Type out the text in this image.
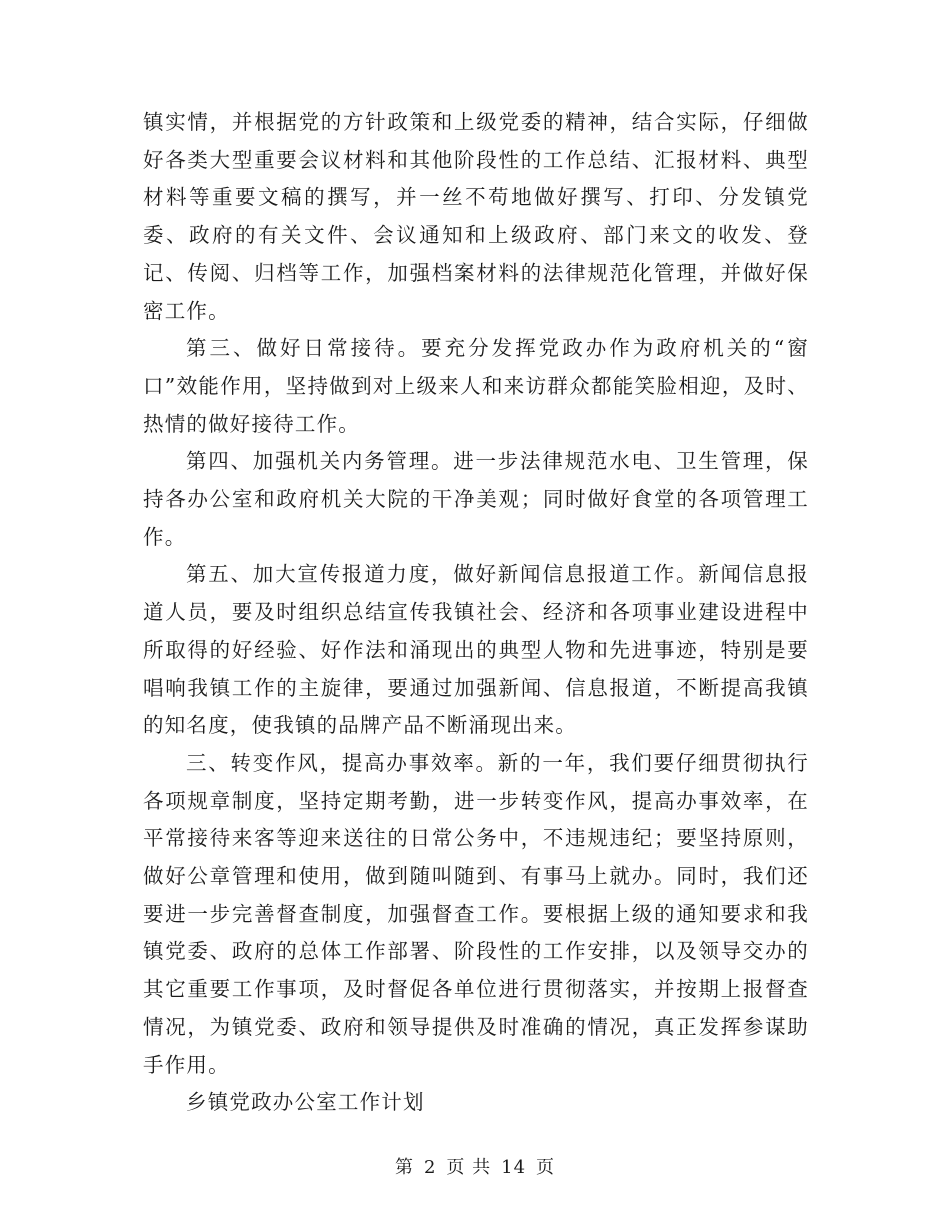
镇实情，并根据党的方针政策和上级党委的精神，结合实际，仔细做好各类大型重要会议材料和其他阶段性的工作总结、汇报材料、典型材料等重要文稿的撰写，并一丝不苟地做好撰写、打印、分发镇党委、政府的有关文件、会议通知和上级政府、部门来文的收发、登记、传阅、归档等工作，加强档案材料的法律规范化管理，并做好保密工作。

第三、做好日常接待。要充分发挥党政办作为政府机关的“窗口”效能作用，坚持做到对上级来人和来访群众都能笑脸相迎，及时、热情的做好接待工作。

第四、加强机关内务管理。进一步法律规范水电、卫生管理，保持各办公室和政府机关大院的干净美观；同时做好食堂的各项管理工作。

第五、加大宣传报道力度，做好新闻信息报道工作。新闻信息报道人员，要及时组织总结宣传我镇社会、经济和各项事业建设进程中所取得的好经验、好作法和涌现出的典型人物和先进事迹，特别是要唱响我镇工作的主旋律，要通过加强新闻、信息报道，不断提高我镇的知名度，使我镇的品牌产品不断涌现出来。

三、转变作风，提高办事效率。新的一年，我们要仔细贯彻执行各项规章制度，坚持定期考勤，进一步转变作风，提高办事效率，在平常接待来客等迎来送往的日常公务中，不违规违纪；要坚持原则，做好公章管理和使用，做到随叫随到、有事马上就办。同时，我们还要进一步完善督查制度，加强督查工作。要根据上级的通知要求和我镇党委、政府的总体工作部署、阶段性的工作安排，以及领导交办的其它重要工作事项，及时督促各单位进行贯彻落实，并按期上报督查情况，为镇党委、政府和领导提供及时准确的情况，真正发挥参谋助手作用。

乡镇党政办公室工作计划

第 2 页 共 14 页
